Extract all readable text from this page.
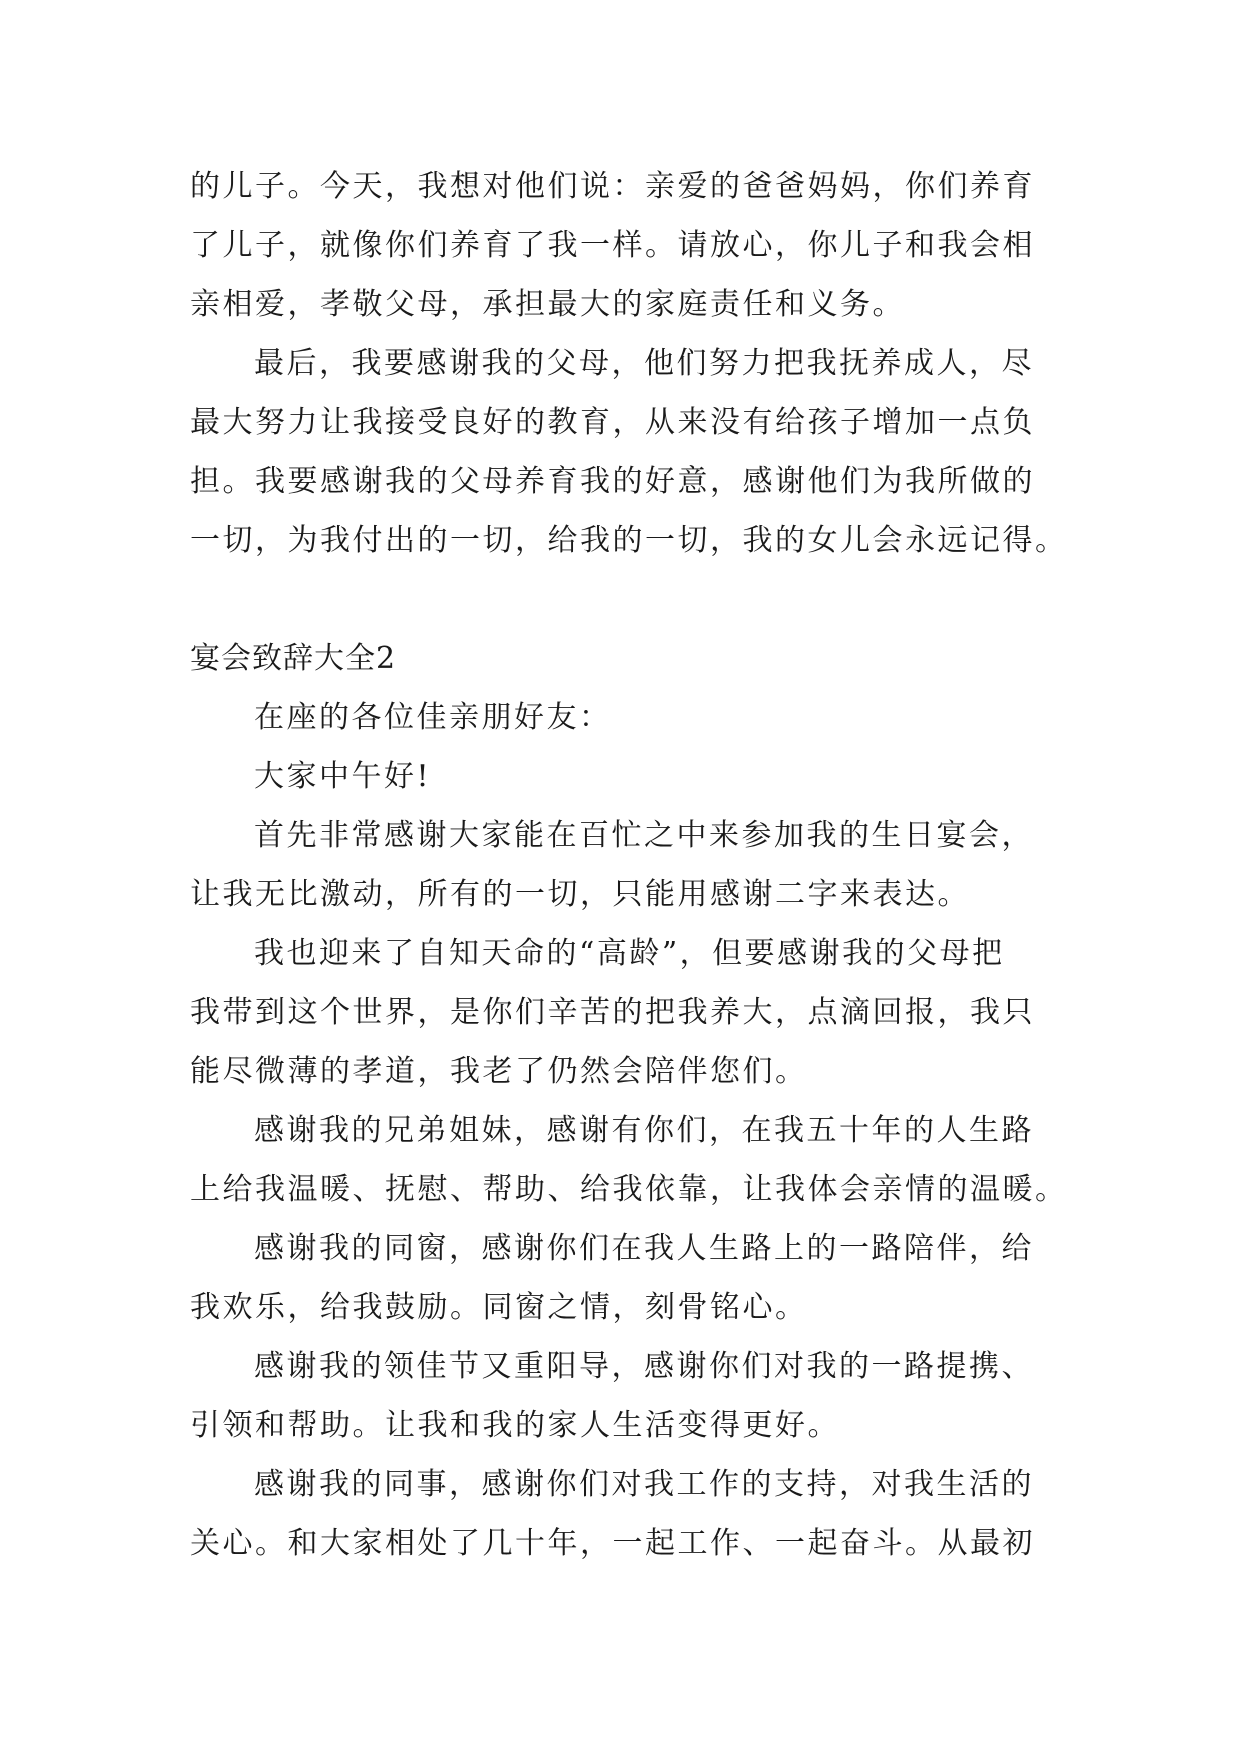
的儿子。今天，我想对他们说：亲爱的爸爸妈妈，你们养育
了儿子，就像你们养育了我一样。请放心，你儿子和我会相
亲相爱，孝敬父母，承担最大的家庭责任和义务。
最后，我要感谢我的父母，他们努力把我抚养成人，尽
最大努力让我接受良好的教育，从来没有给孩子增加一点负
担。我要感谢我的父母养育我的好意，感谢他们为我所做的
一切，为我付出的一切，给我的一切，我的女儿会永远记得。
宴会致辞大全2
在座的各位佳亲朋好友：
大家中午好!
首先非常感谢大家能在百忙之中来参加我的生日宴会，
让我无比激动，所有的一切，只能用感谢二字来表达。
我也迎来了自知天命的“高龄”，但要感谢我的父母把
我带到这个世界，是你们辛苦的把我养大，点滴回报，我只
能尽微薄的孝道，我老了仍然会陪伴您们。
感谢我的兄弟姐妹，感谢有你们，在我五十年的人生路
上给我温暖、抚慰、帮助、给我依靠，让我体会亲情的温暖。
感谢我的同窗，感谢你们在我人生路上的一路陪伴，给
我欢乐，给我鼓励。同窗之情，刻骨铭心。
感谢我的领佳节又重阳导，感谢你们对我的一路提携、
引领和帮助。让我和我的家人生活变得更好。
感谢我的同事，感谢你们对我工作的支持，对我生活的
关心。和大家相处了几十年，一起工作、一起奋斗。从最初
